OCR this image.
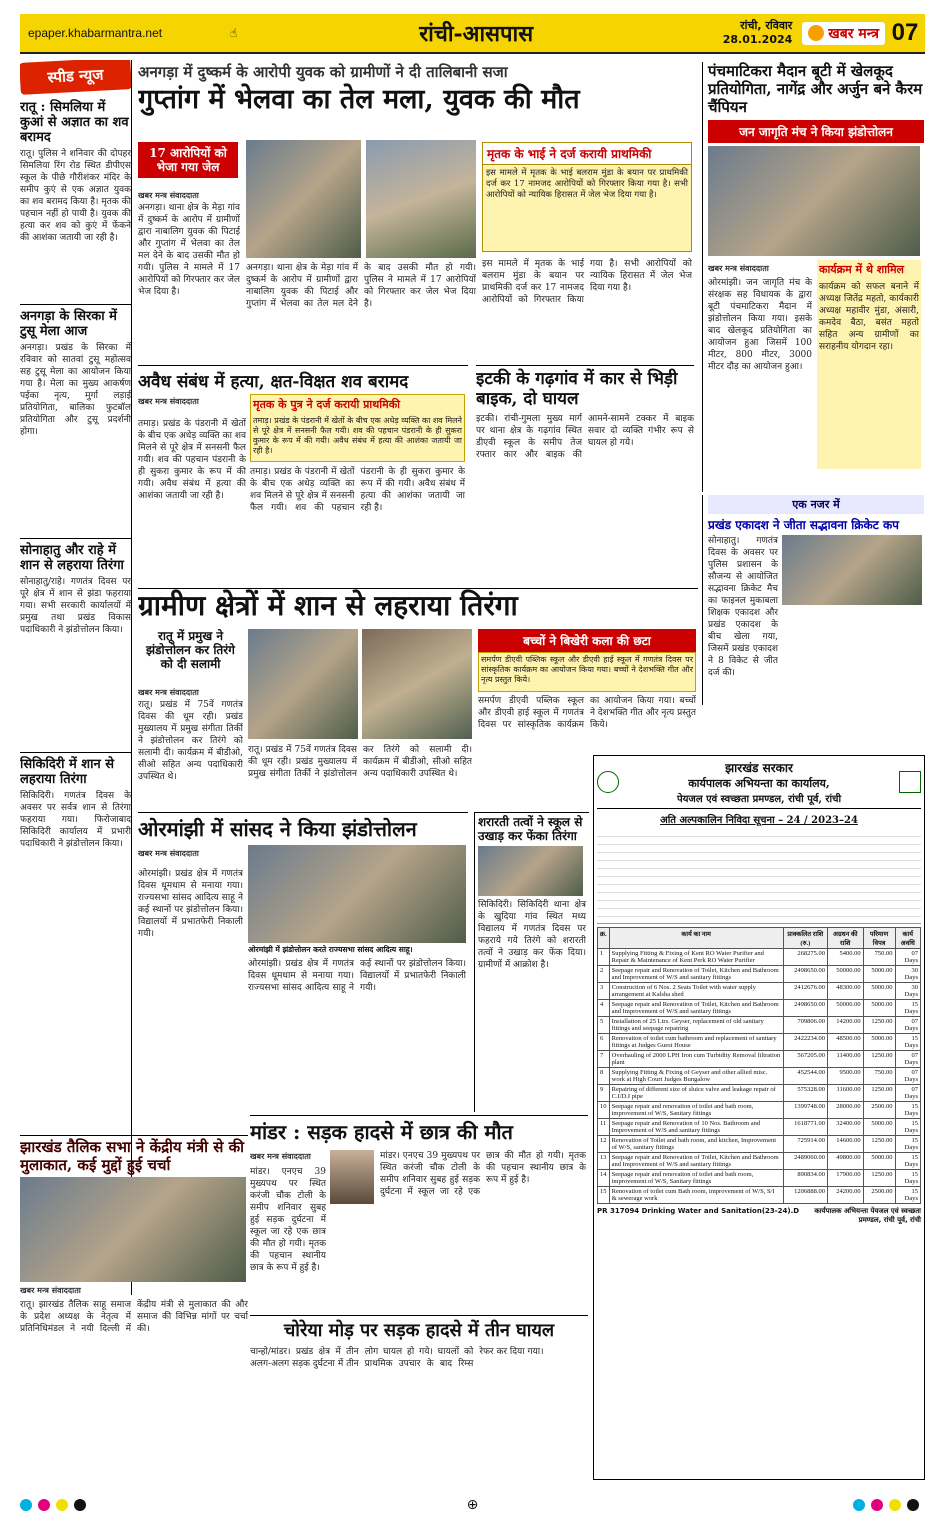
epaper.khabarmantra.net	☝	रांची-आसपास	रांची, रविवार
28.01.2024	खबर मन्त्र 07
स्पीड न्यूज
रातू : सिमलिया में कुआं से अज्ञात का शव बरामद
रातू। पुलिस ने शनिवार की दोपहर सिमलिया रिंग रोड स्थित डीपीएस स्कूल के पीछे गौरीशंकर मंदिर के समीप कुएं से एक अज्ञात युवक का शव बरामद किया है। मृतक की पहचान नहीं हो पायी है। युवक की हत्या कर शव को कुएं में फेंकने की आशंका जतायी जा रही है।
अनगड़ा के सिरका में टुसू मेला आज
अनगड़ा। प्रखंड के सिरका में रविवार को सातवां टुसू महोत्सव सह टुसू मेला का आयोजन किया गया है। मेला का मुख्य आकर्षण पईका नृत्य, मुर्गा लड़ाई प्रतियोगिता, बालिका फुटबॉल प्रतियोगिता और टुसू प्रदर्शनी होगा।
सोनाहातु और राहे में शान से लहराया तिरंगा
सोनाहातु/राहे। गणतंत्र दिवस पर पूरे क्षेत्र में शान से झंडा फहराया गया। सभी सरकारी कार्यालयों में प्रमुख तथा प्रखंड विकास पदाधिकारी ने झंडोत्तोलन किया।
सिकिदिरी में शान से लहराया तिरंगा
सिकिदिरी। गणतंत्र दिवस के अवसर पर सर्वत्र शान से तिरंगा फहराया गया। फिरोजाबाद सिकिदिरी कार्यालय में प्रभारी पदाधिकारी ने झंडोत्तोलन किया।
अनगड़ा में दुष्कर्म के आरोपी युवक को ग्रामीणों ने दी तालिबानी सजा
गुप्तांग में भेलवा का तेल मला, युवक की मौत
17 आरोपियों को भेजा गया जेल
खबर मन्त्र संवाददाता
अनगड़ा। थाना क्षेत्र के मेड़ा गांव में दुष्कर्म के आरोप में ग्रामीणों द्वारा नाबालिग युवक की पिटाई और गुप्तांग में भेलवा का तेल मल देने के बाद उसकी मौत हो गयी। पुलिस ने मामले में 17 आरोपियों को गिरफ्तार कर जेल भेज दिया है।
अनगड़ा। थाना क्षेत्र के मेड़ा गांव में दुष्कर्म के आरोप में ग्रामीणों द्वारा नाबालिग युवक की पिटाई और गुप्तांग में भेलवा का तेल मल देने के बाद उसकी मौत हो गयी। पुलिस ने मामले में 17 आरोपियों को गिरफ्तार कर जेल भेज दिया है।
मृतक के भाई ने दर्ज करायी प्राथमिकी
इस मामले में मृतक के भाई बलराम मुंडा के बयान पर प्राथमिकी दर्ज कर 17 नामजद आरोपियों को गिरफ्तार किया गया है। सभी आरोपियों को न्यायिक हिरासत में जेल भेज दिया गया है।
इस मामले में मृतक के भाई बलराम मुंडा के बयान पर प्राथमिकी दर्ज कर 17 नामजद आरोपियों को गिरफ्तार किया गया है। सभी आरोपियों को न्यायिक हिरासत में जेल भेज दिया गया है।
पंचमाटिकरा मैदान बूटी में खेलकूद प्रतियोगिता, नागेंद्र और अर्जुन बने कैरम चैंपियन
जन जागृति मंच ने किया झंडोत्तोलन
खबर मन्त्र संवाददाता
ओरमांझी। जन जागृति मंच के संरक्षक सह विधायक के द्वारा बूटी पंचमाटिकरा मैदान में झंडोत्तोलन किया गया। इसके बाद खेलकूद प्रतियोगिता का आयोजन हुआ जिसमें 100 मीटर, 800 मीटर, 3000 मीटर दौड़ का आयोजन हुआ।
कार्यक्रम में थे शामिल
कार्यक्रम को सफल बनाने में अध्यक्ष जितेंद्र महतो, कार्यकारी अध्यक्ष महावीर मुंडा, अंसारी, कमदेव बैठा, बसंत महतो सहित अन्य ग्रामीणों का सराहनीय योगदान रहा।
अवैध संबंध में हत्या, क्षत-विक्षत शव बरामद
खबर मन्त्र संवाददाता
तमाड़। प्रखंड के पंडरानी में खेतों के बीच एक अधेड़ व्यक्ति का शव मिलने से पूरे क्षेत्र में सनसनी फैल गयी। शव की पहचान पंडरानी के ही सुकरा कुमार के रूप में की गयी। अवैध संबंध में हत्या की आशंका जतायी जा रही है।
मृतक के पुत्र ने दर्ज करायी प्राथमिकी
तमाड़। प्रखंड के पंडरानी में खेतों के बीच एक अधेड़ व्यक्ति का शव मिलने से पूरे क्षेत्र में सनसनी फैल गयी। शव की पहचान पंडरानी के ही सुकरा कुमार के रूप में की गयी। अवैध संबंध में हत्या की आशंका जतायी जा रही है।
तमाड़। प्रखंड के पंडरानी में खेतों के बीच एक अधेड़ व्यक्ति का शव मिलने से पूरे क्षेत्र में सनसनी फैल गयी। शव की पहचान पंडरानी के ही सुकरा कुमार के रूप में की गयी। अवैध संबंध में हत्या की आशंका जतायी जा रही है।
इटकी के गढ़गांव में कार से भिड़ी बाइक, दो घायल
इटकी। रांची-गुमला मुख्य मार्ग पर थाना क्षेत्र के गढ़गांव स्थित डीएवी स्कूल के समीप तेज रफ्तार कार और बाइक की आमने-सामने टक्कर में बाइक सवार दो व्यक्ति गंभीर रूप से घायल हो गये।
एक नजर में
प्रखंड एकादश ने जीता सद्भावना क्रिकेट कप
सोनाहातु। गणतंत्र दिवस के अवसर पर पुलिस प्रशासन के सौजन्य से आयोजित सद्भावना क्रिकेट मैच का फाइनल मुकाबला शिक्षक एकादश और प्रखंड एकादश के बीच खेला गया, जिसमें प्रखंड एकादश ने 8 विकेट से जीत दर्ज की।
ग्रामीण क्षेत्रों में शान से लहराया तिरंगा
रातू में प्रमुख ने झंडोत्तोलन कर तिरंगे को दी सलामी
खबर मन्त्र संवाददाता
रातू। प्रखंड में 75वें गणतंत्र दिवस की धूम रही। प्रखंड मुख्यालय में प्रमुख संगीता तिर्की ने झंडोत्तोलन कर तिरंगे को सलामी दी। कार्यक्रम में बीडीओ, सीओ सहित अन्य पदाधिकारी उपस्थित थे।
रातू। प्रखंड में 75वें गणतंत्र दिवस की धूम रही। प्रखंड मुख्यालय में प्रमुख संगीता तिर्की ने झंडोत्तोलन कर तिरंगे को सलामी दी। कार्यक्रम में बीडीओ, सीओ सहित अन्य पदाधिकारी उपस्थित थे।
बच्चों ने बिखेरी कला की छटा
समर्पण डीएवी पब्लिक स्कूल और डीएवी हाई स्कूल में गणतंत्र दिवस पर सांस्कृतिक कार्यक्रम का आयोजन किया गया। बच्चों ने देशभक्ति गीत और नृत्य प्रस्तुत किये।
समर्पण डीएवी पब्लिक स्कूल और डीएवी हाई स्कूल में गणतंत्र दिवस पर सांस्कृतिक कार्यक्रम का आयोजन किया गया। बच्चों ने देशभक्ति गीत और नृत्य प्रस्तुत किये।
ओरमांझी में सांसद ने किया झंडोत्तोलन
खबर मन्त्र संवाददाता
ओरमांझी। प्रखंड क्षेत्र में गणतंत्र दिवस धूमधाम से मनाया गया। राज्यसभा सांसद आदित्य साहू ने कई स्थानों पर झंडोत्तोलन किया। विद्यालयों में प्रभातफेरी निकाली गयी।
ओरमांझी में झंडोत्तोलन करते राज्यसभा सांसद आदित्य साहू।
ओरमांझी। प्रखंड क्षेत्र में गणतंत्र दिवस धूमधाम से मनाया गया। राज्यसभा सांसद आदित्य साहू ने कई स्थानों पर झंडोत्तोलन किया। विद्यालयों में प्रभातफेरी निकाली गयी।
शरारती तत्वों ने स्कूल से उखाड़ कर फेंका तिरंगा
सिकिदिरी। सिकिदिरी थाना क्षेत्र के खुदिया गांव स्थित मध्य विद्यालय में गणतंत्र दिवस पर फहराये गये तिरंगे को शरारती तत्वों ने उखाड़ कर फेंक दिया। ग्रामीणों में आक्रोश है।
झारखंड सरकार
कार्यपालक अभियन्ता का कार्यालय,
पेयजल एवं स्वच्छता प्रमण्डल, रांची पूर्व, रांची
अति अल्पकालिन निविदा सूचना – 24 / 2023–24
क्र.	कार्य का नाम	प्राक्कलित राशि (रु.)	अग्रधन की राशि	परिमाण विपत्र	कार्य अवधि
1	Supplying Fitting & Fixing of Kent RO Water Purifier and Repair & Maintenance of Kent Perk RO Water Purifier	268275.00	5400.00	750.00	07 Days
2	Seepage repair and Renovation of Toilet, Kitchen and Bathroom and Improvement of W/S and sanitary fittings	2498650.00	50000.00	5000.00	30 Days
3	Construction of 6 Nos. 2 Seats Toilet with water supply arrangement at Kalsha shed	2412676.00	48300.00	5000.00	30 Days
4	Seepage repair and Renovation of Toilet, Kitchen and Bathroom and Improvement of W/S and sanitary fittings	2498650.00	50000.00	5000.00	15 Days
5	Installation of 25 Ltrs. Geyser, replacement of old sanitary fittings and seepage repairing	709806.00	14200.00	1250.00	07 Days
6	Renovation of toilet cum bathroom and replacement of sanitary fittings at Judges Guest House	2422234.00	48500.00	5000.00	15 Days
7	Overhauling of 2000 LPH Iron cum Turbidity Removal filtration plant	567205.00	11400.00	1250.00	07 Days
8	Supplying Fitting & Fixing of Geyser and other allied misc. work at High Court Judges Bungalow	452544.00	9500.00	750.00	07 Days
9	Repairing of different size of sluice valve and leakage repair of C.I/D.I pipe	575328.00	11600.00	1250.00	07 Days
10	Seepage repair and renovation of toilet and bath room, improvement of W/S, Sanitary fittings	1399748.00	28000.00	2500.00	15 Days
11	Seepage repair and Renovation of 10 Nos. Bathroom and Improvement of W/S and sanitary fittings	1618771.00	32400.00	5000.00	15 Days
12	Renovation of Toilet and bath room, and kitchen, Improvement of W/S, sanitary fittings	725914.00	14600.00	1250.00	15 Days
13	Seepage repair and Renovation of Toilet, Kitchen and Bathroom and Improvement of W/S and sanitary fittings	2489060.00	49800.00	5000.00	15 Days
14	Seepage repair and renovation of toilet and bath room, improvement of W/S, Sanitary fittings	890834.00	17900.00	1250.00	15 Days
15	Renovation of toilet cum Bath room, improvement of W/S, S/I & sewerage work	1206888.00	24200.00	2500.00	15 Days
PR 317094 Drinking Water and Sanitation(23-24).D	कार्यपालक अभियन्ता पेयजल एवं स्वच्छता प्रमण्डल, रांची पूर्व, रांची
झारखंड तैलिक सभा ने केंद्रीय मंत्री से की मुलाकात, कई मुद्दों हुई चर्चा
खबर मन्त्र संवाददाता
रातू। झारखंड तैलिक साहू समाज के प्रदेश अध्यक्ष के नेतृत्व में प्रतिनिधिमंडल ने नयी दिल्ली में केंद्रीय मंत्री से मुलाकात की और समाज की विभिन्न मांगों पर चर्चा की।
मांडर : सड़क हादसे में छात्र की मौत
खबर मन्त्र संवाददाता
मांडर। एनएच 39 मुख्यपथ पर स्थित करंजी चौक टोली के समीप शनिवार सुबह हुई सड़क दुर्घटना में स्कूल जा रहे एक छात्र की मौत हो गयी। मृतक की पहचान स्थानीय छात्र के रूप में हुई है।
मांडर। एनएच 39 मुख्यपथ पर स्थित करंजी चौक टोली के समीप शनिवार सुबह हुई सड़क दुर्घटना में स्कूल जा रहे एक छात्र की मौत हो गयी। मृतक की पहचान स्थानीय छात्र के रूप में हुई है।
चोरेया मोड़ पर सड़क हादसे में तीन घायल
चान्हो/मांडर। प्रखंड क्षेत्र में तीन अलग-अलग सड़क दुर्घटना में तीन लोग घायल हो गये। घायलों को प्राथमिक उपचार के बाद रिम्स रेफर कर दिया गया।
⊕
